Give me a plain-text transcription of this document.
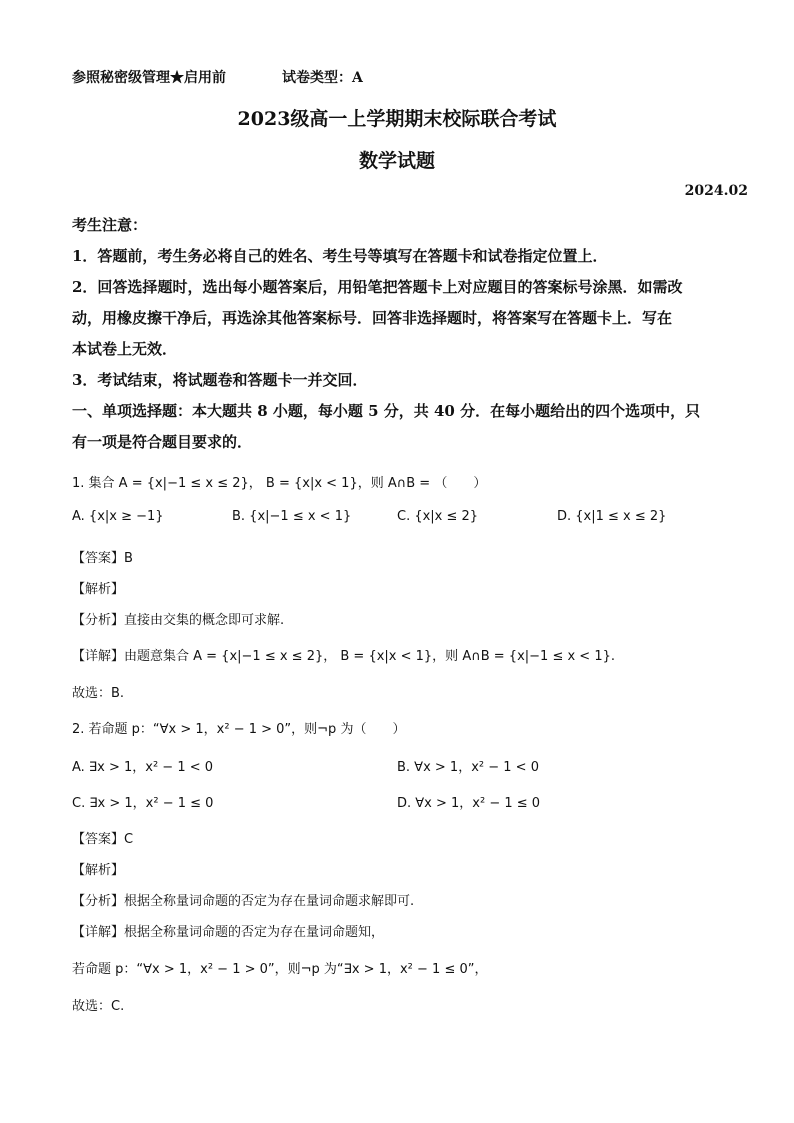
参照秘密级管理★启用前	试卷类型：A
2023级高一上学期期末校际联合考试
数学试题
2024.02
考生注意：
1．答题前，考生务必将自己的姓名、考生号等填写在答题卡和试卷指定位置上．
2．回答选择题时，选出每小题答案后，用铅笔把答题卡上对应题目的答案标号涂黑．如需改
动，用橡皮擦干净后，再选涂其他答案标号．回答非选择题时，将答案写在答题卡上．写在
本试卷上无效．
3．考试结束，将试题卷和答题卡一并交回．
一、单项选择题：本大题共 8 小题，每小题 5 分，共 40 分．在每小题给出的四个选项中，只
有一项是符合题目要求的．
1. 集合 A = {x|−1 ≤ x ≤ 2}， B = {x|x < 1}，则 A∩B = （　　）
A. {x|x ≥ −1}	B. {x|−1 ≤ x < 1}	C. {x|x ≤ 2}	D. {x|1 ≤ x ≤ 2}
【答案】B
【解析】
【分析】直接由交集的概念即可求解.
【详解】由题意集合 A = {x|−1 ≤ x ≤ 2}， B = {x|x < 1}，则 A∩B = {x|−1 ≤ x < 1}.
故选：B.
2. 若命题 p：“∀x > 1，x² − 1 > 0”，则¬p 为（　　）
A. ∃x > 1，x² − 1 < 0	B. ∀x > 1，x² − 1 < 0
C. ∃x > 1，x² − 1 ≤ 0	D. ∀x > 1，x² − 1 ≤ 0
【答案】C
【解析】
【分析】根据全称量词命题的否定为存在量词命题求解即可.
【详解】根据全称量词命题的否定为存在量词命题知，
若命题 p：“∀x > 1，x² − 1 > 0”，则¬p 为“∃x > 1，x² − 1 ≤ 0”，
故选：C.
